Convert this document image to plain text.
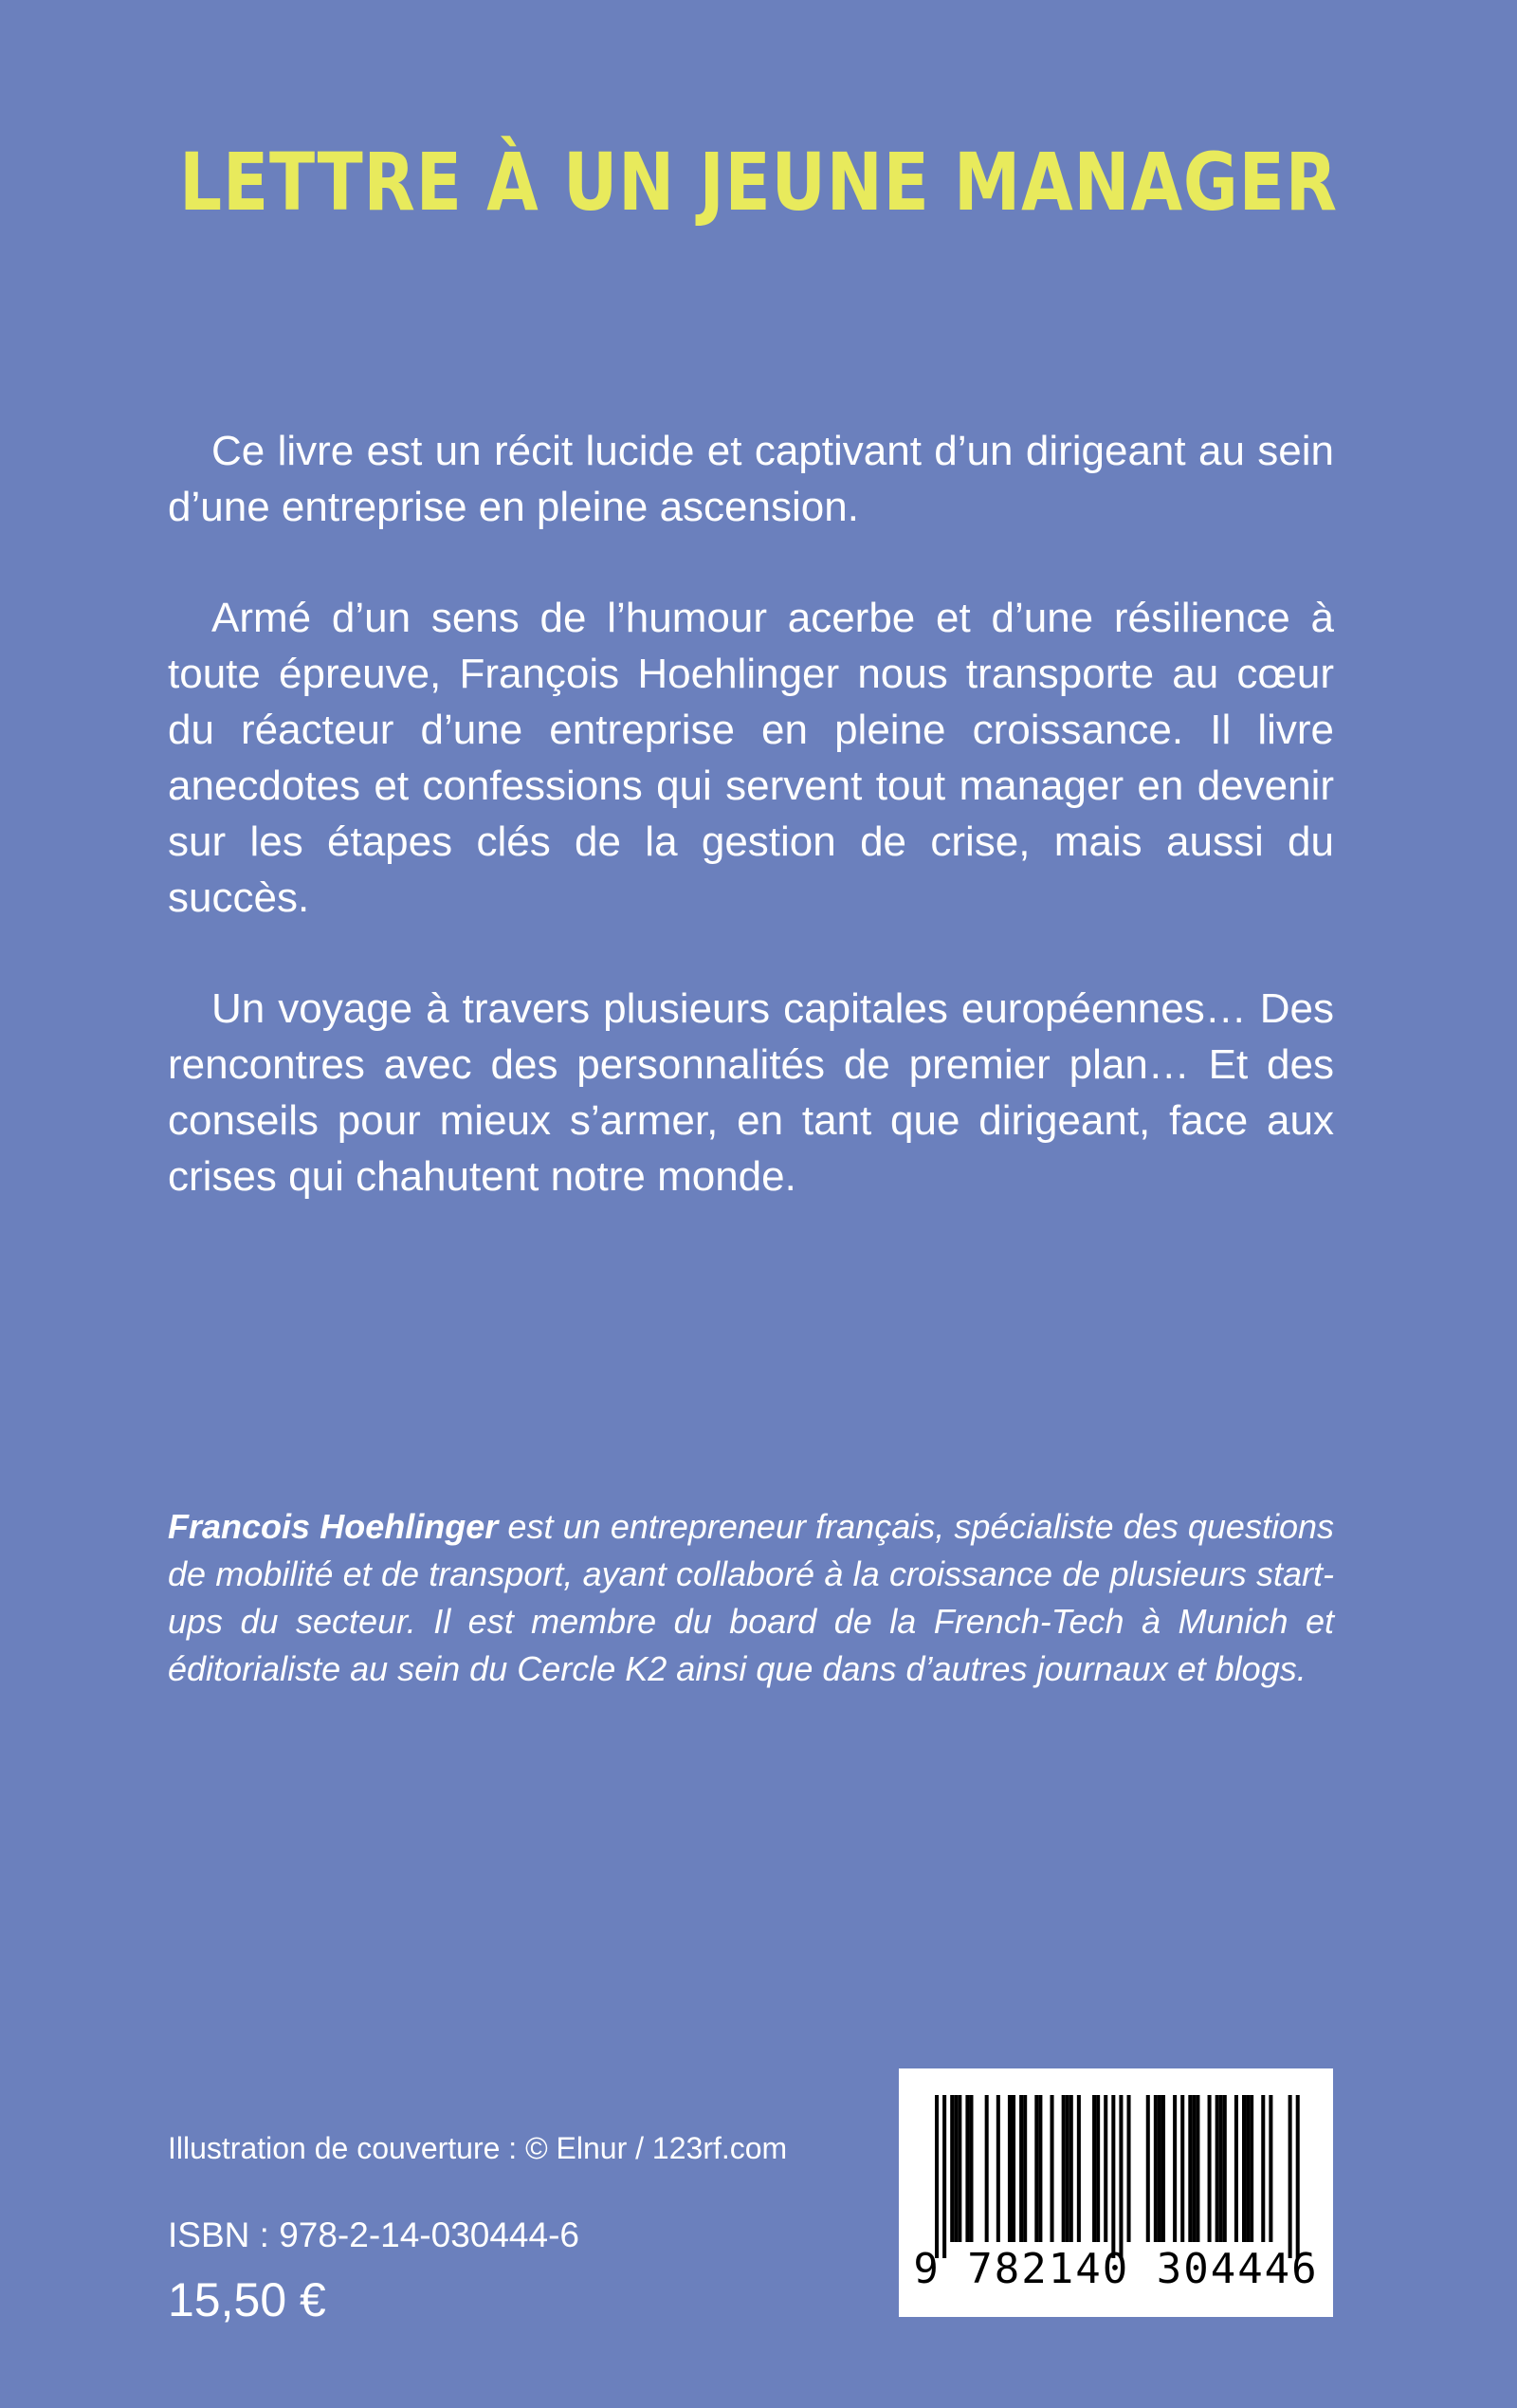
LETTRE À UN JEUNE MANAGER

Ce livre est un récit lucide et captivant d’un dirigeant au sein d’une entreprise en pleine ascension.

Armé d’un sens de l’humour acerbe et d’une résilience à toute épreuve, François Hoehlinger nous transporte au cœur du réacteur d’une entreprise en pleine croissance. Il livre anecdotes et confessions qui servent tout manager en devenir sur les étapes clés de la gestion de crise, mais aussi du succès.

Un voyage à travers plusieurs capitales européennes… Des rencontres avec des personnalités de premier plan… Et des conseils pour mieux s’armer, en tant que dirigeant, face aux crises qui chahutent notre monde.

Francois Hoehlinger est un entrepreneur français, spécialiste des questions de mobilité et de transport, ayant collaboré à la croissance de plusieurs start-ups du secteur. Il est membre du board de la French-Tech à Munich et éditorialiste au sein du Cercle K2 ainsi que dans d’autres journaux et blogs.

Illustration de couverture : © Elnur / 123rf.com

ISBN : 978-2-14-030444-6

15,50 €

9 782140 304446
